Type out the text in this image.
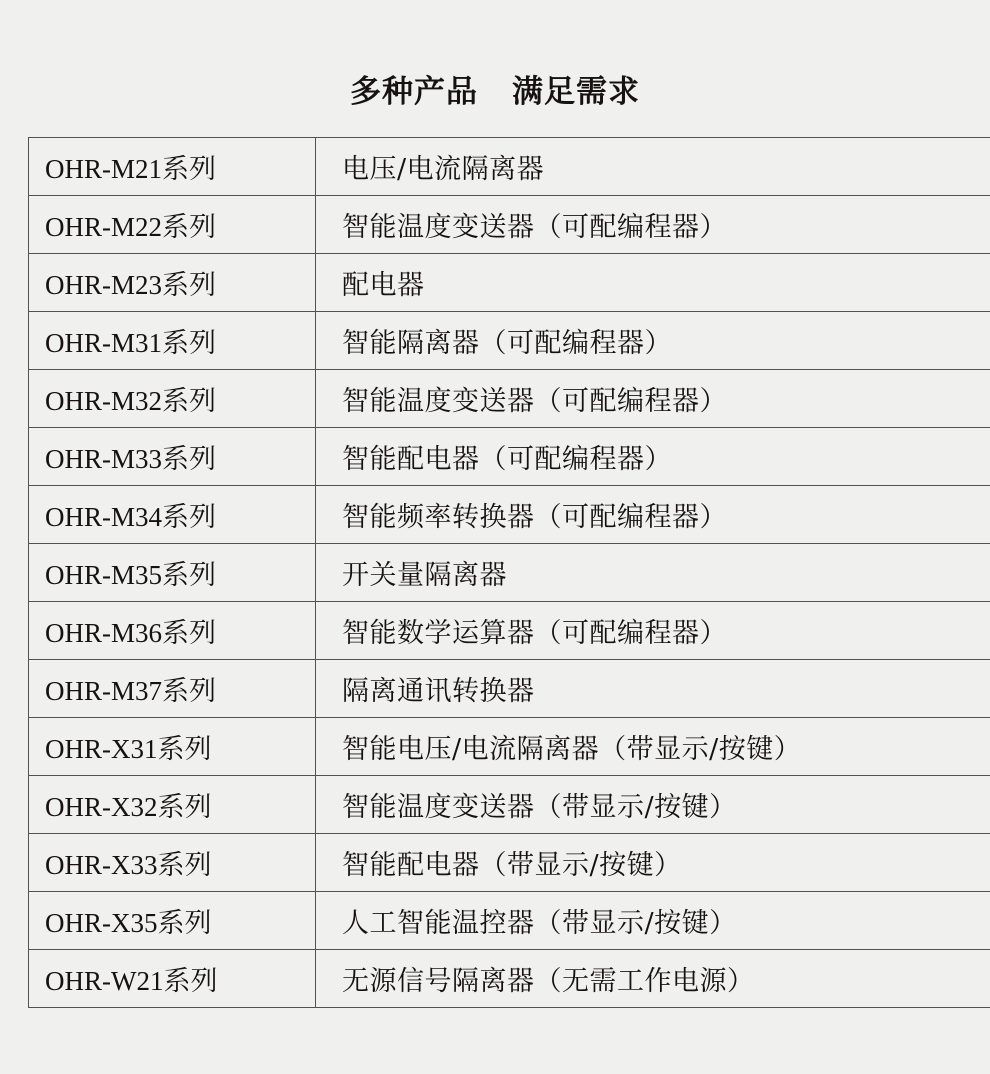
多种产品 满足需求
OHR-M21系列	电压/电流隔离器
OHR-M22系列	智能温度变送器（可配编程器）
OHR-M23系列	配电器
OHR-M31系列	智能隔离器（可配编程器）
OHR-M32系列	智能温度变送器（可配编程器）
OHR-M33系列	智能配电器（可配编程器）
OHR-M34系列	智能频率转换器（可配编程器）
OHR-M35系列	开关量隔离器
OHR-M36系列	智能数学运算器（可配编程器）
OHR-M37系列	隔离通讯转换器
OHR-X31系列	智能电压/电流隔离器（带显示/按键）
OHR-X32系列	智能温度变送器（带显示/按键）
OHR-X33系列	智能配电器（带显示/按键）
OHR-X35系列	人工智能温控器（带显示/按键）
OHR-W21系列	无源信号隔离器（无需工作电源）
